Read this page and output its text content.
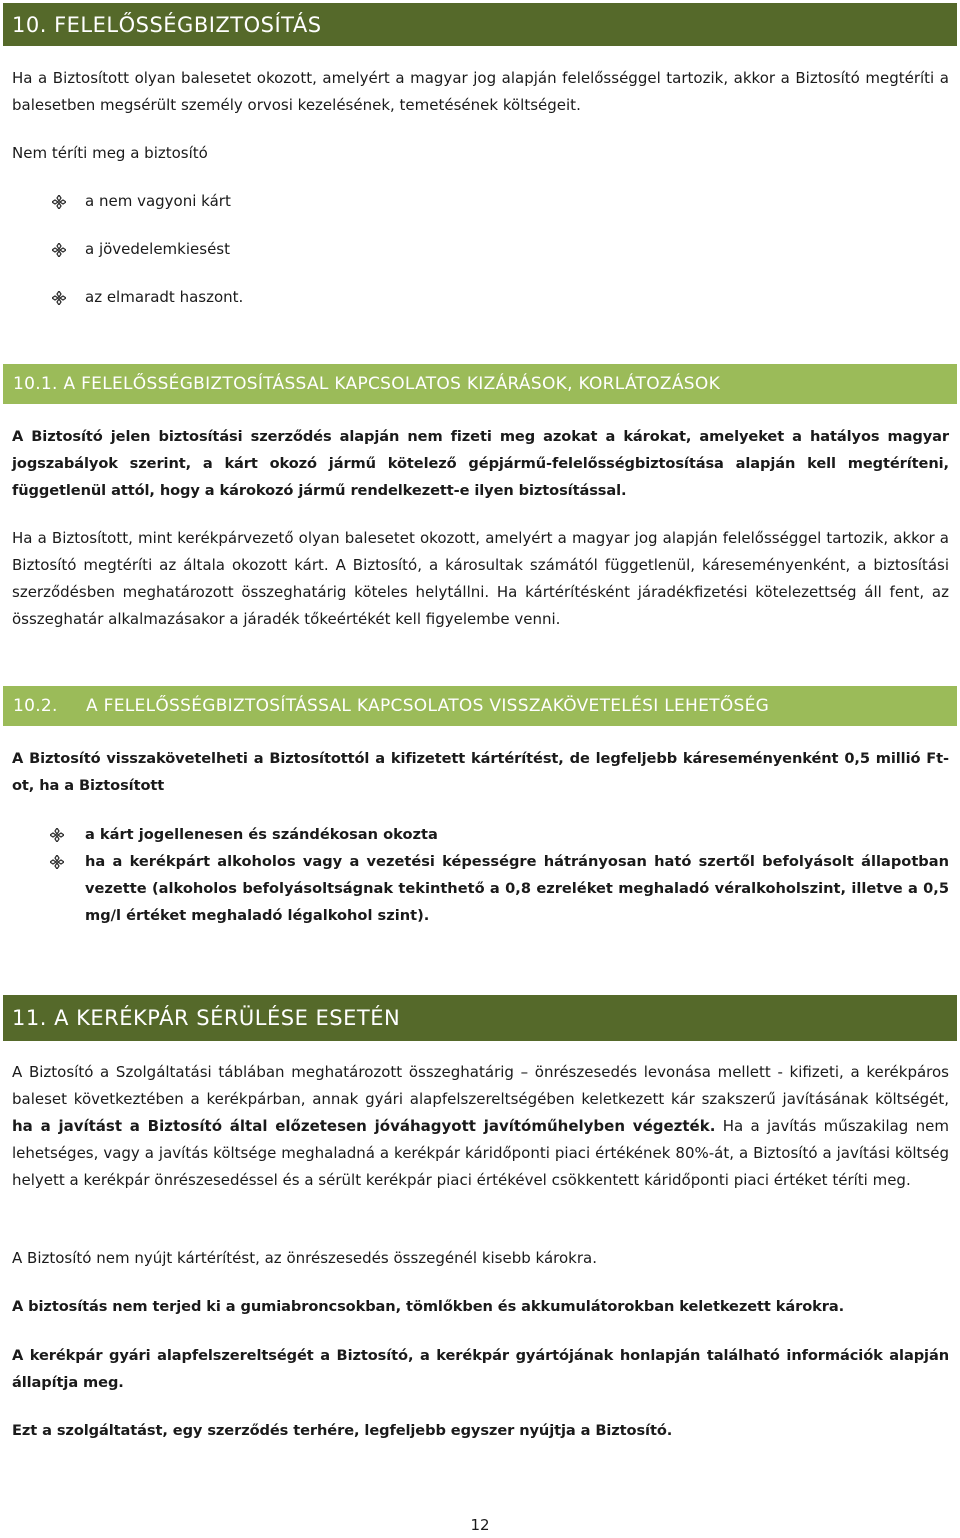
10. FELELŐSSÉGBIZTOSÍTÁS

Ha a Biztosított olyan balesetet okozott, amelyért a magyar jog alapján felelősséggel tartozik, akkor a Biztosító megtéríti a balesetben megsérült személy orvosi kezelésének, temetésének költségeit.

Nem téríti meg a biztosító

a nem vagyoni kárt
a jövedelemkiesést
az elmaradt haszont.
10.1. A FELELŐSSÉGBIZTOSÍTÁSSAL KAPCSOLATOS KIZÁRÁSOK, KORLÁTOZÁSOK

A Biztosító jelen biztosítási szerződés alapján nem fizeti meg azokat a károkat, amelyeket a hatályos magyar jogszabályok szerint, a kárt okozó jármű kötelező gépjármű-felelősségbiztosítása alapján kell megtéríteni, függetlenül attól, hogy a károkozó jármű rendelkezett-e ilyen biztosítással.

Ha a Biztosított, mint kerékpárvezető olyan balesetet okozott, amelyért a magyar jog alapján felelősséggel tartozik, akkor a Biztosító megtéríti az általa okozott kárt. A Biztosító, a károsultak számától függetlenül, káreseményenként, a biztosítási szerződésben meghatározott összeghatárig köteles helytállni. Ha kártérítésként járadékfizetési kötelezettség áll fent, az összeghatár alkalmazásakor a járadék tőkeértékét kell figyelembe venni.

10.2.	A FELELŐSSÉGBIZTOSÍTÁSSAL KAPCSOLATOS VISSZAKÖVETELÉSI LEHETŐSÉG

A Biztosító visszakövetelheti a Biztosítottól a kifizetett kártérítést, de legfeljebb káreseményenként 0,5 millió Ft-ot, ha a Biztosított

a kárt jogellenesen és szándékosan okozta
ha a kerékpárt alkoholos vagy a vezetési képességre hátrányosan ható szertől befolyásolt állapotban vezette (alkoholos befolyásoltságnak tekinthető a 0,8 ezreléket meghaladó véralkoholszint, illetve a 0,5 mg/l értéket meghaladó légalkohol szint).
11. A KERÉKPÁR SÉRÜLÉSE ESETÉN

A Biztosító a Szolgáltatási táblában meghatározott összeghatárig – önrészesedés levonása mellett - kifizeti, a kerékpáros baleset következtében a kerékpárban, annak gyári alapfelszereltségében keletkezett kár szakszerű javításának költségét, ha a javítást a Biztosító által előzetesen jóváhagyott javítóműhelyben végezték. Ha a javítás műszakilag nem lehetséges, vagy a javítás költsége meghaladná a kerékpár káridőponti piaci értékének 80%-át, a Biztosító a javítási költség helyett a kerékpár önrészesedéssel és a sérült kerékpár piaci értékével csökkentett káridőponti piaci értéket téríti meg.

A Biztosító nem nyújt kártérítést, az önrészesedés összegénél kisebb károkra.

A biztosítás nem terjed ki a gumiabroncsokban, tömlőkben és akkumulátorokban keletkezett károkra.

A kerékpár gyári alapfelszereltségét a Biztosító, a kerékpár gyártójának honlapján található információk alapján állapítja meg.

Ezt a szolgáltatást, egy szerződés terhére, legfeljebb egyszer nyújtja a Biztosító.

12
